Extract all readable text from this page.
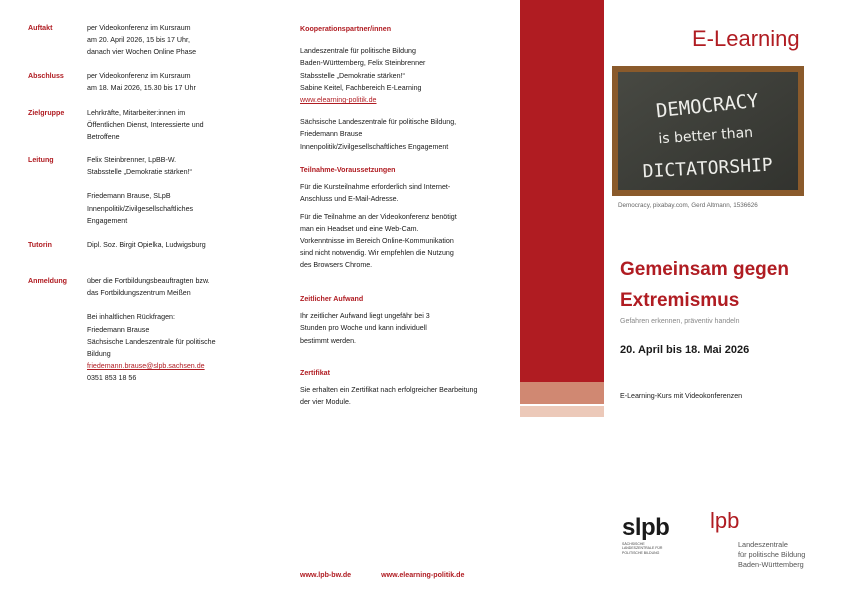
Auftakt	per Videokonferenz im Kursraum

am 20. April 2026, 15 bis 17 Uhr,

danach vier Wochen Online Phase

Abschluss	per Videokonferenz im Kursraum

am 18. Mai 2026, 15.30 bis 17 Uhr

Zielgruppe	Lehrkräfte, Mitarbeiter:innen im

Öffentlichen Dienst, Interessierte und

Betroffene

Leitung	Felix Steinbrenner, LpBB-W.

Stabsstelle „Demokratie stärken!“

Friedemann Brause, SLpB

Innenpolitik/Zivilgesellschaftliches

Engagement

Tutorin	Dipl. Soz. Birgit Opielka, Ludwigsburg

Anmeldung	über die Fortbildungsbeauftragten bzw.

das Fortbildungszentrum Meißen

Bei inhaltlichen Rückfragen:

Friedemann Brause

Sächsische Landeszentrale für politische

Bildung

friedemann.brause@slpb.sachsen.de

0351 853 18 56

Kooperationspartner/innen

Landeszentrale für politische Bildung

Baden-Württemberg, Felix Steinbrenner

Stabsstelle „Demokratie stärken!“

Sabine Keitel, Fachbereich E-Learning

www.elearning-politik.de

Sächsische Landeszentrale für politische Bildung,

Friedemann Brause

Innenpolitik/Zivilgesellschaftliches Engagement

Teilnahme-Voraussetzungen

Für die Kursteilnahme erforderlich sind Internet-

Anschluss und E-Mail-Adresse.

Für die Teilnahme an der Videokonferenz benötigt

man ein Headset und eine Web-Cam.

Vorkenntnisse im Bereich Online-Kommunikation

sind nicht notwendig. Wir empfehlen die Nutzung

des Browsers Chrome.

Zeitlicher Aufwand

Ihr zeitlicher Aufwand liegt ungefähr bei 3

Stunden pro Woche und kann individuell

bestimmt werden.

Zertifikat

Sie erhalten ein Zertifikat nach erfolgreicher Bearbeitung

der vier Module.

www.lpb-bw.de	www.elearning-politik.de
E-Learning
DEMOCRACY
is better than
DICTATORSHIP
Democracy, pixabay.com, Gerd Altmann, 1536626
Gemeinsam gegen
Extremismus
Gefahren erkennen, präventiv handeln
20. April bis 18. Mai 2026
E-Learning-Kurs mit Videokonferenzen
slpb
SÄCHSISCHE
LANDESZENTRALE FÜR
POLITISCHE BILDUNG
lpb
Landeszentrale
für politische Bildung
Baden-Württemberg
